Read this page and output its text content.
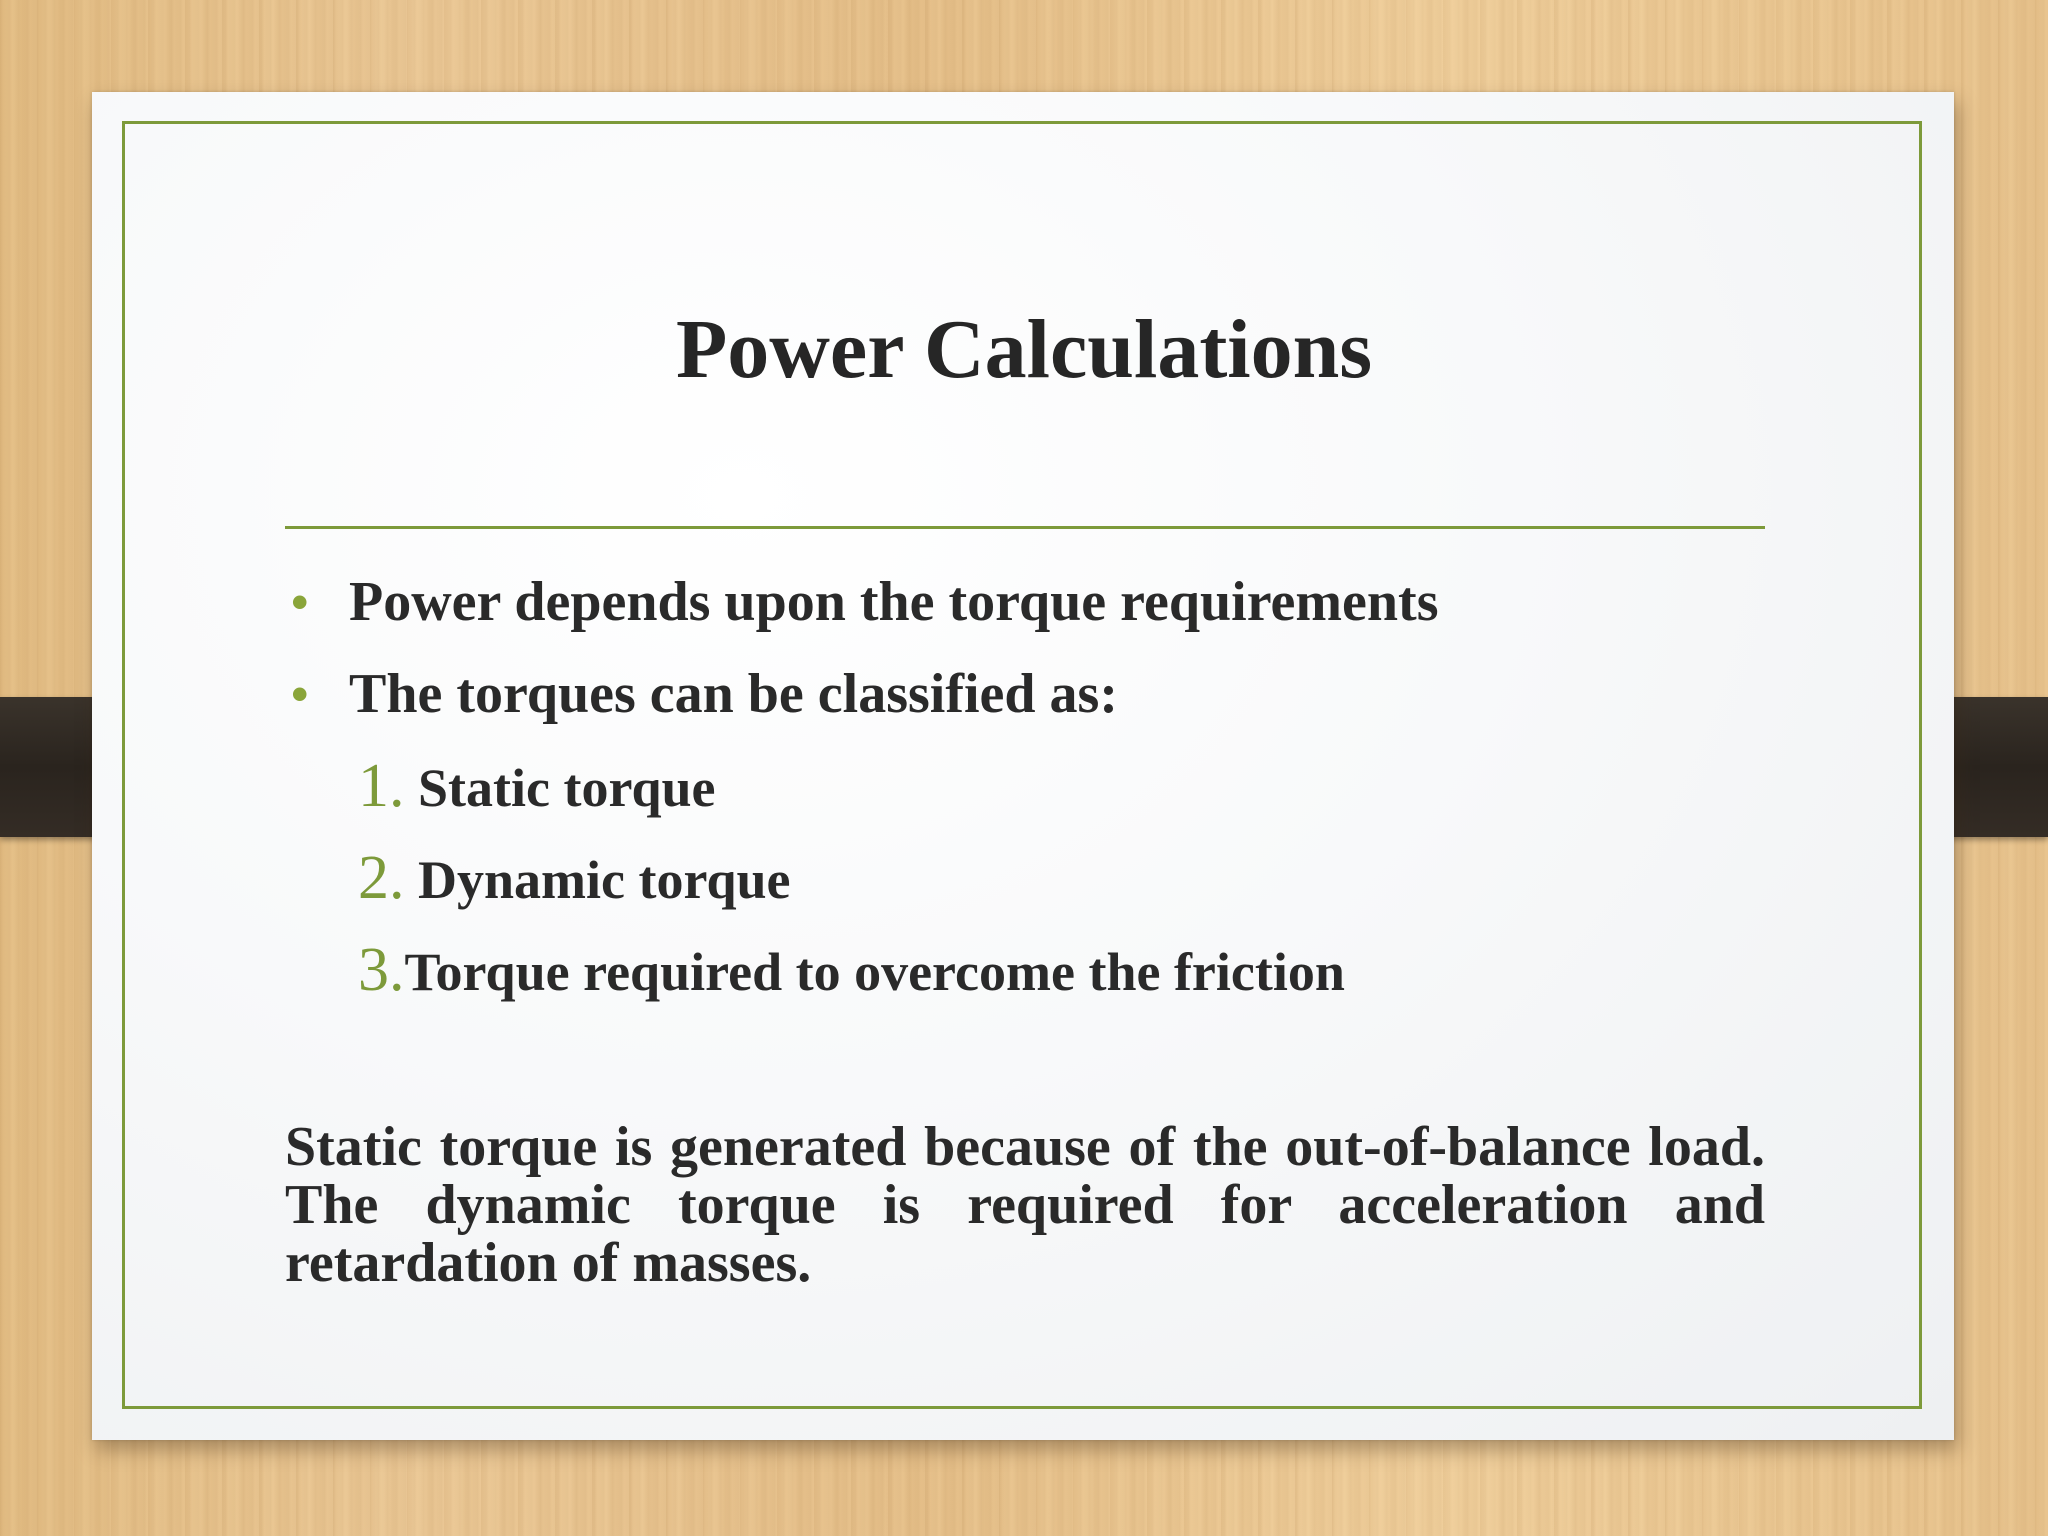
Power Calculations
• Power depends upon the torque requirements
• The torques can be classified as:
1. Static torque
2. Dynamic torque
3.Torque required to overcome the friction

Static torque is generated because of the out-of-balance load. The dynamic torque is required for acceleration and retardation of masses.
